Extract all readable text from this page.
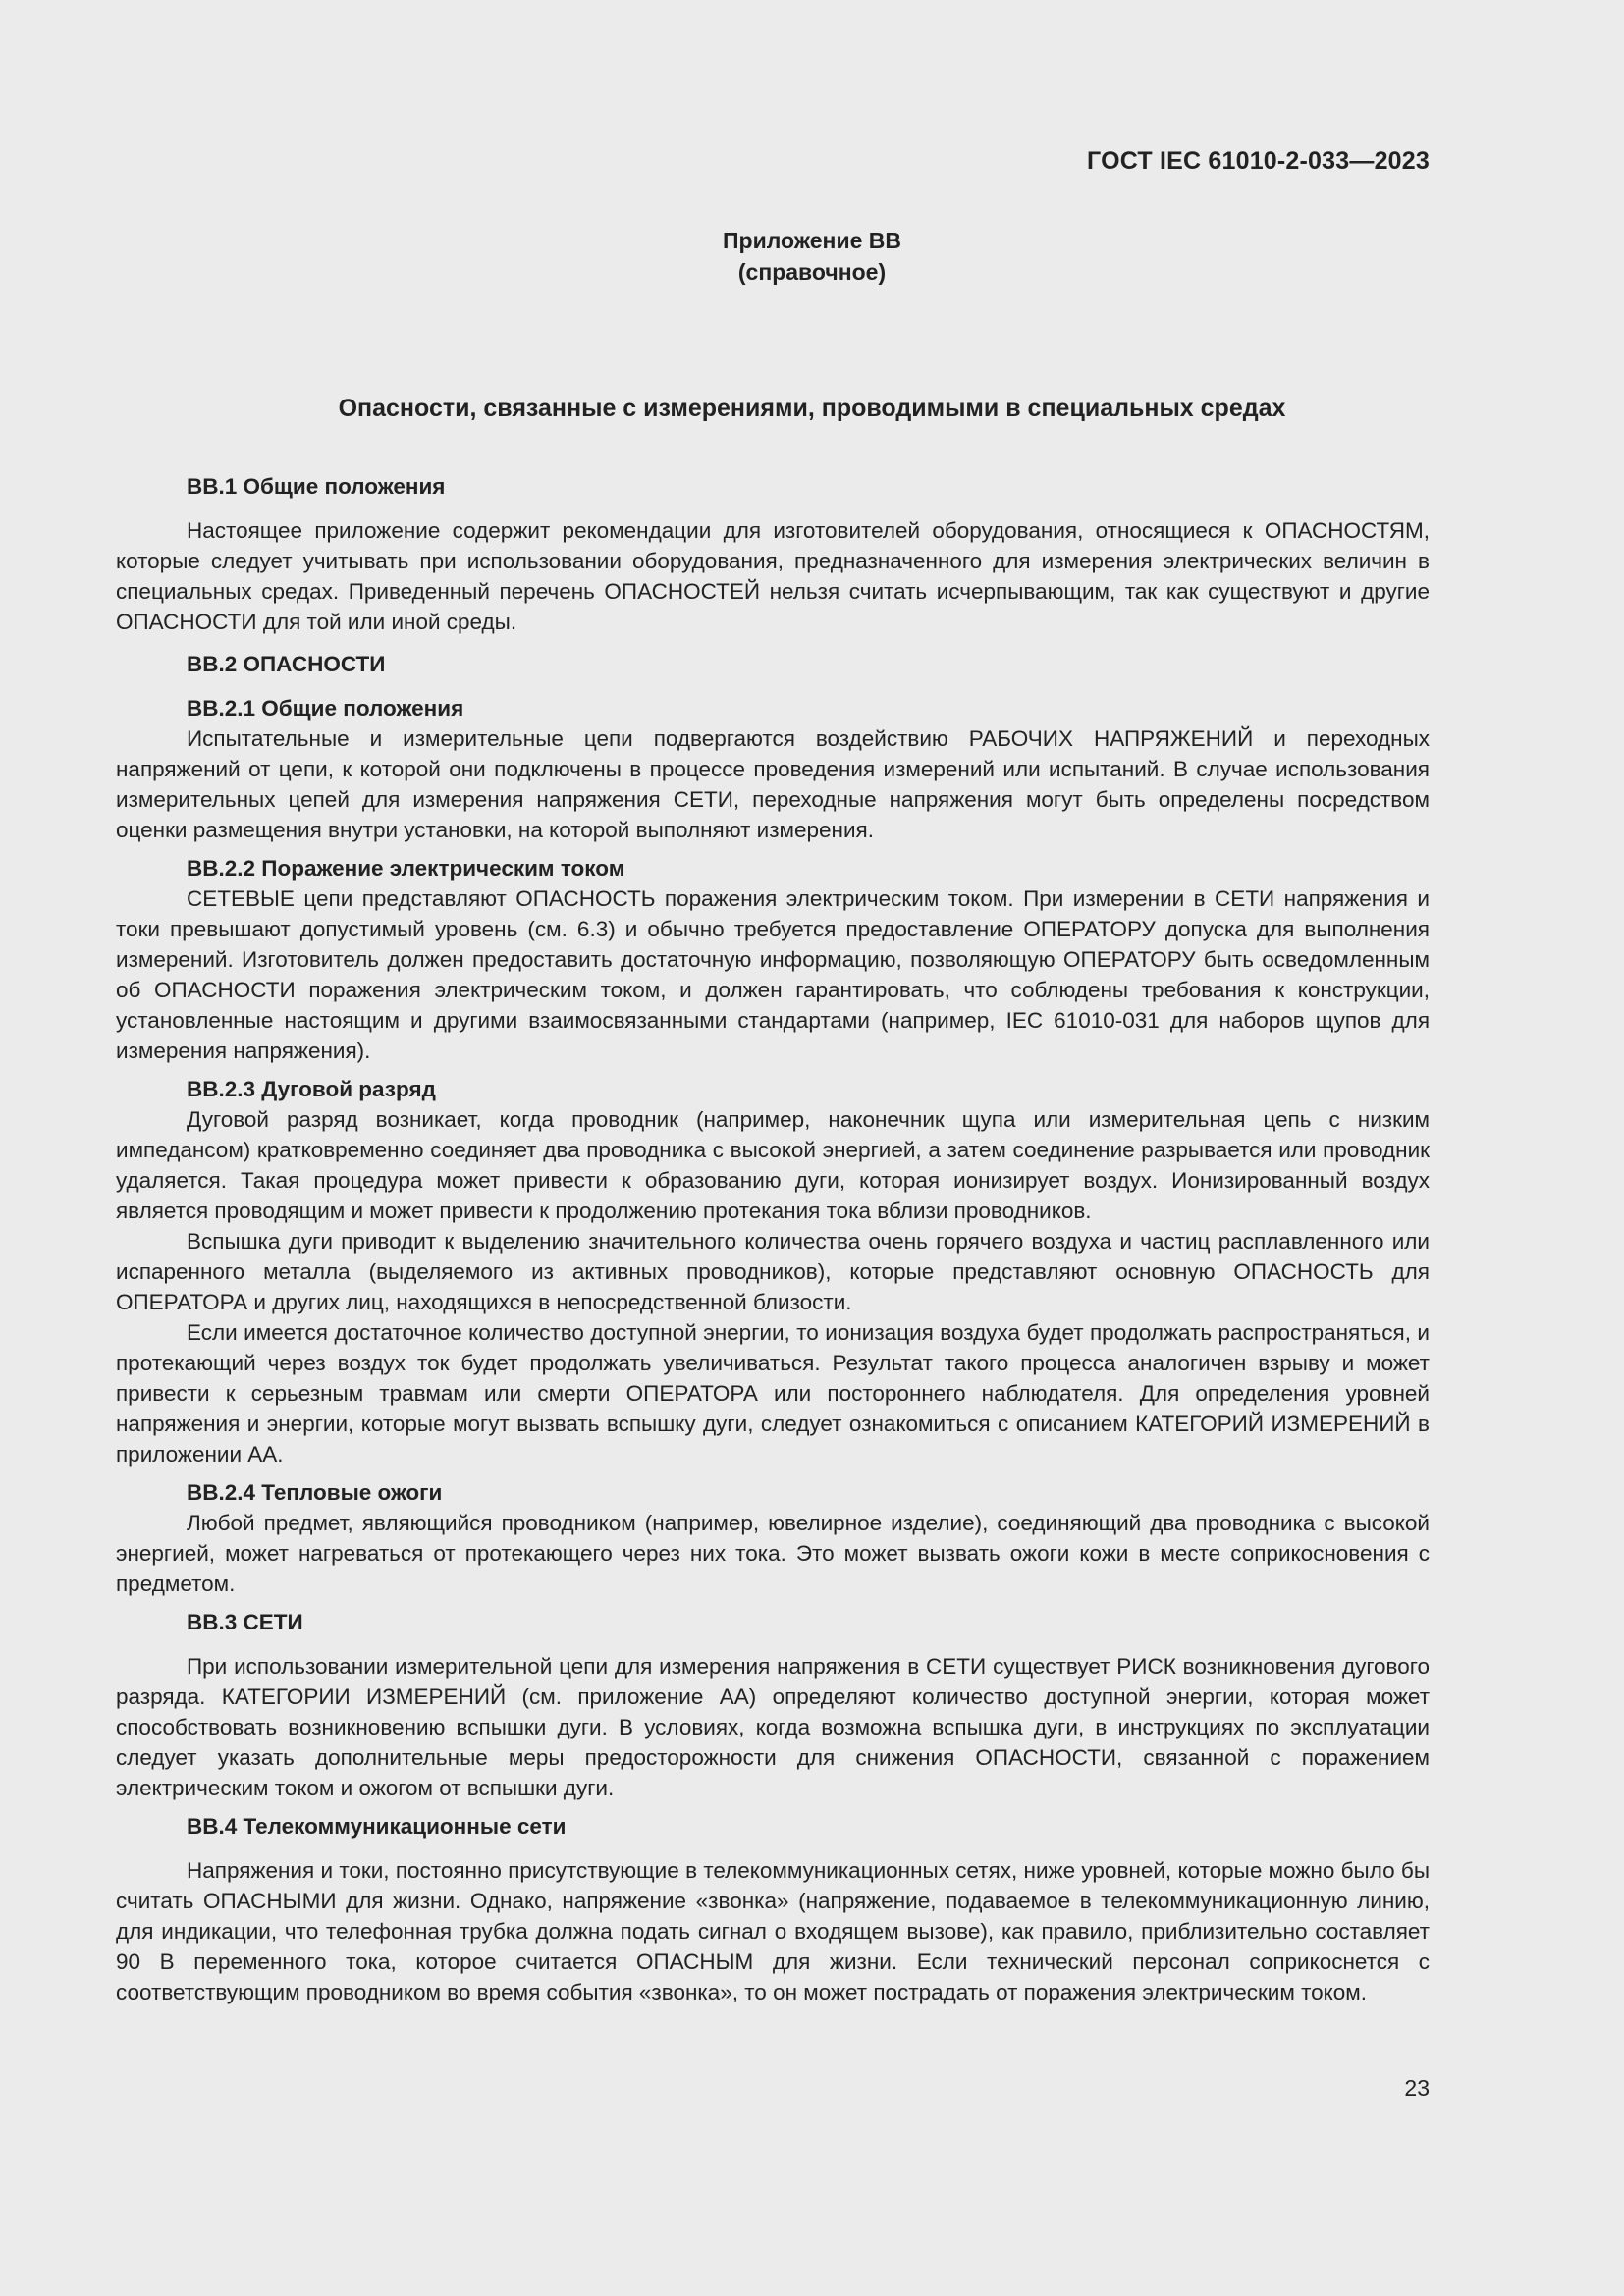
ГОСТ IEC 61010-2-033—2023
Приложение ВВ
(справочное)
Опасности, связанные с измерениями, проводимыми в специальных средах

ВВ.1 Общие положения

Настоящее приложение содержит рекомендации для изготовителей оборудования, относящиеся к ОПАСНОСТЯМ, которые следует учитывать при использовании оборудования, предназначенного для измерения электрических величин в специальных средах. Приведенный перечень ОПАСНОСТЕЙ нельзя считать исчерпывающим, так как существуют и другие ОПАСНОСТИ для той или иной среды.

ВВ.2 ОПАСНОСТИ

ВВ.2.1 Общие положения

Испытательные и измерительные цепи подвергаются воздействию РАБОЧИХ НАПРЯЖЕНИЙ и переходных напряжений от цепи, к которой они подключены в процессе проведения измерений или испытаний. В случае использования измерительных цепей для измерения напряжения СЕТИ, переходные напряжения могут быть определены посредством оценки размещения внутри установки, на которой выполняют измерения.

ВВ.2.2 Поражение электрическим током

СЕТЕВЫЕ цепи представляют ОПАСНОСТЬ поражения электрическим током. При измерении в СЕТИ напряжения и токи превышают допустимый уровень (см. 6.3) и обычно требуется предоставление ОПЕРАТОРУ допуска для выполнения измерений. Изготовитель должен предоставить достаточную информацию, позволяющую ОПЕРАТОРУ быть осведомленным об ОПАСНОСТИ поражения электрическим током, и должен гарантировать, что соблюдены требования к конструкции, установленные настоящим и другими взаимосвязанными стандартами (например, IEC 61010-031 для наборов щупов для измерения напряжения).

ВВ.2.3 Дуговой разряд

Дуговой разряд возникает, когда проводник (например, наконечник щупа или измерительная цепь с низким импедансом) кратковременно соединяет два проводника с высокой энергией, а затем соединение разрывается или проводник удаляется. Такая процедура может привести к образованию дуги, которая ионизирует воздух. Ионизированный воздух является проводящим и может привести к продолжению протекания тока вблизи проводников.

Вспышка дуги приводит к выделению значительного количества очень горячего воздуха и частиц расплавленного или испаренного металла (выделяемого из активных проводников), которые представляют основную ОПАСНОСТЬ для ОПЕРАТОРА и других лиц, находящихся в непосредственной близости.

Если имеется достаточное количество доступной энергии, то ионизация воздуха будет продолжать распространяться, и протекающий через воздух ток будет продолжать увеличиваться. Результат такого процесса аналогичен взрыву и может привести к серьезным травмам или смерти ОПЕРАТОРА или постороннего наблюдателя. Для определения уровней напряжения и энергии, которые могут вызвать вспышку дуги, следует ознакомиться с описанием КАТЕГОРИЙ ИЗМЕРЕНИЙ в приложении АА.

ВВ.2.4 Тепловые ожоги

Любой предмет, являющийся проводником (например, ювелирное изделие), соединяющий два проводника с высокой энергией, может нагреваться от протекающего через них тока. Это может вызвать ожоги кожи в месте соприкосновения с предметом.

ВВ.3 СЕТИ

При использовании измерительной цепи для измерения напряжения в СЕТИ существует РИСК возникновения дугового разряда. КАТЕГОРИИ ИЗМЕРЕНИЙ (см. приложение АА) определяют количество доступной энергии, которая может способствовать возникновению вспышки дуги. В условиях, когда возможна вспышка дуги, в инструкциях по эксплуатации следует указать дополнительные меры предосторожности для снижения ОПАСНОСТИ, связанной с поражением электрическим током и ожогом от вспышки дуги.

ВВ.4 Телекоммуникационные сети

Напряжения и токи, постоянно присутствующие в телекоммуникационных сетях, ниже уровней, которые можно было бы считать ОПАСНЫМИ для жизни. Однако, напряжение «звонка» (напряжение, подаваемое в телекоммуникационную линию, для индикации, что телефонная трубка должна подать сигнал о входящем вызове), как правило, приблизительно составляет 90 В переменного тока, которое считается ОПАСНЫМ для жизни. Если технический персонал соприкоснется с соответствующим проводником во время события «звонка», то он может пострадать от поражения электрическим током.

23
